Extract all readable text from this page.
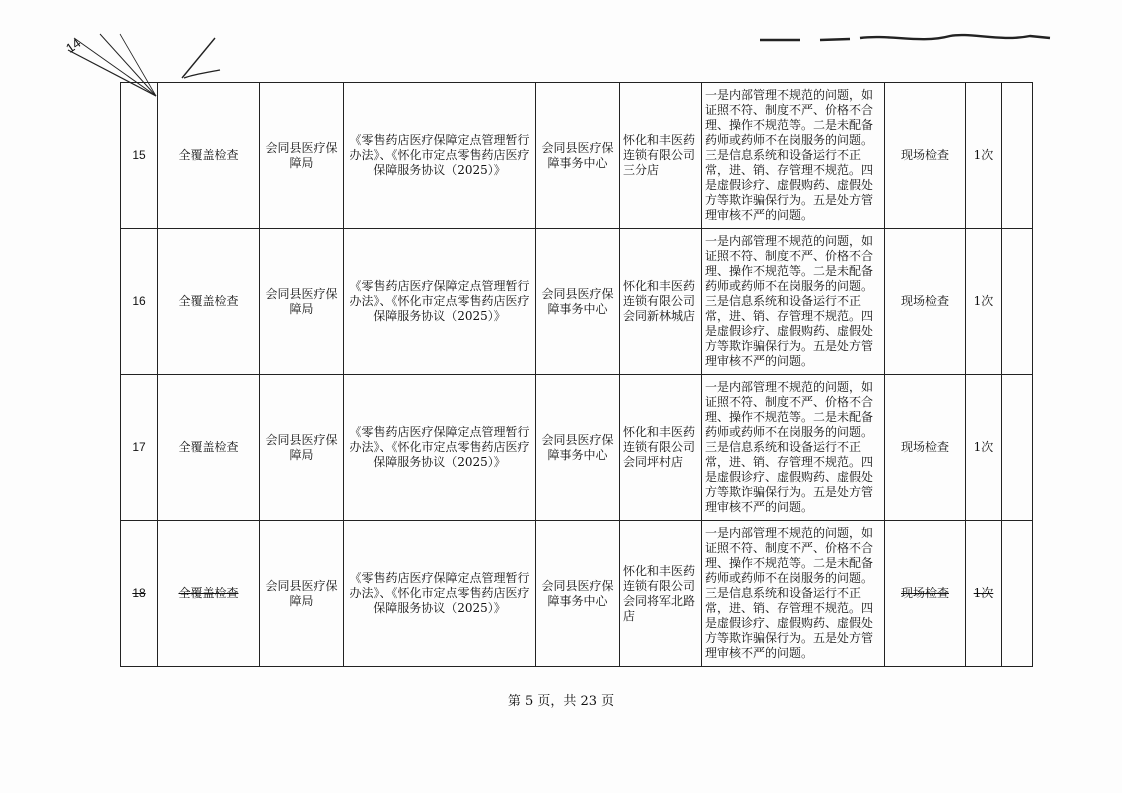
14
15	全覆盖检查	会同县医疗保障局	《零售药店医疗保障定点管理暂行办法》、《怀化市定点零售药店医疗保障服务协议（2025）》	会同县医疗保障事务中心	怀化和丰医药连锁有限公司三分店	一是内部管理不规范的问题，如证照不符、制度不严、价格不合理、操作不规范等。二是未配备药师或药师不在岗服务的问题。三是信息系统和设备运行不正常，进、销、存管理不规范。四是虚假诊疗、虚假购药、虚假处方等欺诈骗保行为。五是处方管理审核不严的问题。	现场检查	1次	
16	全覆盖检查	会同县医疗保障局	《零售药店医疗保障定点管理暂行办法》、《怀化市定点零售药店医疗保障服务协议（2025）》	会同县医疗保障事务中心	怀化和丰医药连锁有限公司会同新林城店	一是内部管理不规范的问题，如证照不符、制度不严、价格不合理、操作不规范等。二是未配备药师或药师不在岗服务的问题。三是信息系统和设备运行不正常，进、销、存管理不规范。四是虚假诊疗、虚假购药、虚假处方等欺诈骗保行为。五是处方管理审核不严的问题。	现场检查	1次	
17	全覆盖检查	会同县医疗保障局	《零售药店医疗保障定点管理暂行办法》、《怀化市定点零售药店医疗保障服务协议（2025）》	会同县医疗保障事务中心	怀化和丰医药连锁有限公司会同坪村店	一是内部管理不规范的问题，如证照不符、制度不严、价格不合理、操作不规范等。二是未配备药师或药师不在岗服务的问题。三是信息系统和设备运行不正常，进、销、存管理不规范。四是虚假诊疗、虚假购药、虚假处方等欺诈骗保行为。五是处方管理审核不严的问题。	现场检查	1次	
18	全覆盖检查	会同县医疗保障局	《零售药店医疗保障定点管理暂行办法》、《怀化市定点零售药店医疗保障服务协议（2025）》	会同县医疗保障事务中心	怀化和丰医药连锁有限公司会同将军北路店	一是内部管理不规范的问题，如证照不符、制度不严、价格不合理、操作不规范等。二是未配备药师或药师不在岗服务的问题。三是信息系统和设备运行不正常，进、销、存管理不规范。四是虚假诊疗、虚假购药、虚假处方等欺诈骗保行为。五是处方管理审核不严的问题。	现场检查	1次	
第 5 页，共 23 页
